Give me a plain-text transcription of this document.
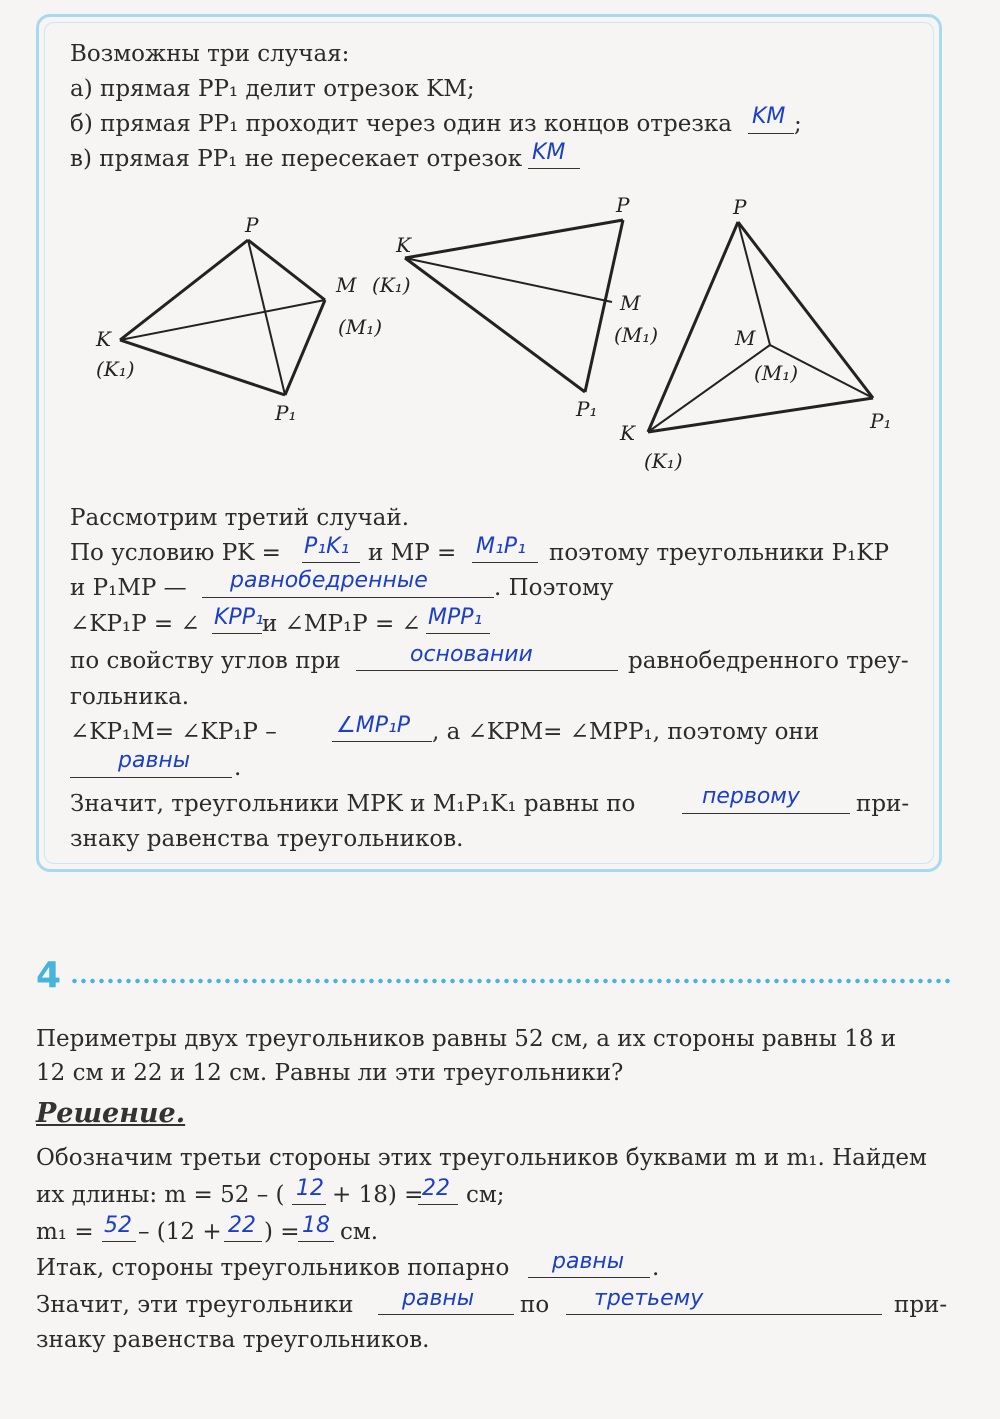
Возможны три случая:
а) прямая PP₁ делит отрезок KM;
б) прямая PP₁ проходит через один из концов отрезка KM ;
в) прямая PP₁ не пересекает отрезок KM
P
K
(K₁)
M
(M₁)
P₁
P
K
(K₁)
M
(M₁)
P₁
P
M
(M₁)
K
(K₁)
P₁
Рассмотрим третий случай.
По условию PK = P₁K₁ и MP = M₁P₁ поэтому треугольники P₁KP
и P₁MP — равнобедренные	. Поэтому
∠KP₁P = ∠ KPP₁
и ∠MP₁P = ∠ MPP₁
по свойству углов при	основании	равнобедренного треу-
гольника.
∠KP₁M= ∠KP₁P –	∠MP₁P , а ∠KPM= ∠MPP₁, поэтому они
равны .
Значит, треугольники MPK и M₁P₁K₁ равны по	первому при-
знаку равенства треугольников.
4
Периметры двух треугольников равны 52 см, а их стороны равны 18 и
12 см и 22 и 12 см. Равны ли эти треугольники?
Решение.
Обозначим третьи стороны этих треугольников буквами m и m₁. Найдем
их длины: m = 52 – ( 12 + 18) =
22 см;
m₁ = 52 – (12 + 22 ) = 18 см.
Итак, стороны треугольников попарно равны .
Значит, эти треугольники равны по третьему	при-
знаку равенства треугольников.
